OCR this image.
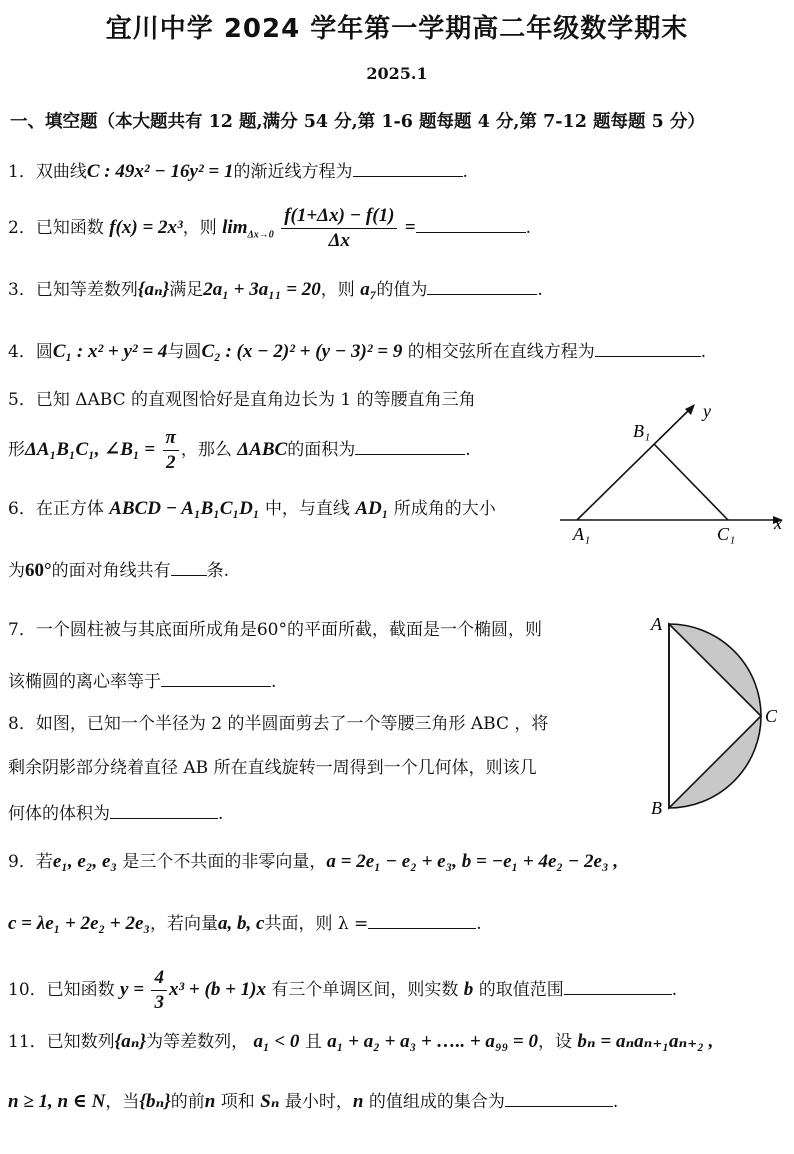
宜川中学 2024 学年第一学期高二年级数学期末
2025.1
一、填空题（本大题共有 12 题,满分 54 分,第 1-6 题每题 4 分,第 7-12 题每题 5 分）
1．双曲线C : 49x² − 16y² = 1的渐近线方程为	.
2．已知函数 f(x) = 2x³，则 $\lim_{\Delta x\to 0} \frac{f(1+\Delta x) - f(1)}{\Delta x}$ =	.
3．已知等差数列{aₙ}满足2a₁ + 3a₁₁ = 20，则 a₇的值为	.
4．圆C₁ : x² + y² = 4与圆C₂ : (x − 2)² + (y − 3)² = 9 的相交弦所在直线方程为	.
5．已知 ΔABC 的直观图恰好是直角边长为 1 的等腰直角三角
形ΔA₁B₁C₁, ∠B₁ = $\frac{\pi}{2}$ ，那么 ΔABC的面积为	.
6．在正方体 ABCD − A₁B₁C₁D₁ 中，与直线 AD₁ 所成角的大小
为60°的面对角线共有 条.
y
x
B₁
A₁	C₁
7．一个圆柱被与其底面所成角是60°的平面所截，截面是一个椭圆，则
该椭圆的离心率等于	.
8．如图，已知一个半径为 2 的半圆面剪去了一个等腰三角形 ABC ，将
剩余阴影部分绕着直径 AB 所在直线旋转一周得到一个几何体，则该几
何体的体积为	.
A
B
C
9．若e₁, e₂, e₃ 是三个不共面的非零向量，a = 2e₁ − e₂ + e₃, b = −e₁ + 4e₂ − 2e₃ ,
c = λe₁ + 2e₂ + 2e₃，若向量a, b, c共面，则 λ =	.
10．已知函数 $y = \frac{4}{3} x^3 + (b + 1)x$ 有三个单调区间，则实数 b 的取值范围	.
11．已知数列{aₙ}为等差数列， a₁ < 0 且 a₁ + a₂ + a₃ + ….. + a₉₉ = 0，设 bₙ = aₙaₙ₊₁aₙ₊₂ ,
n ≥ 1, n ∈ N，当{bₙ}的前n 项和 Sₙ 最小时，n 的值组成的集合为	.
